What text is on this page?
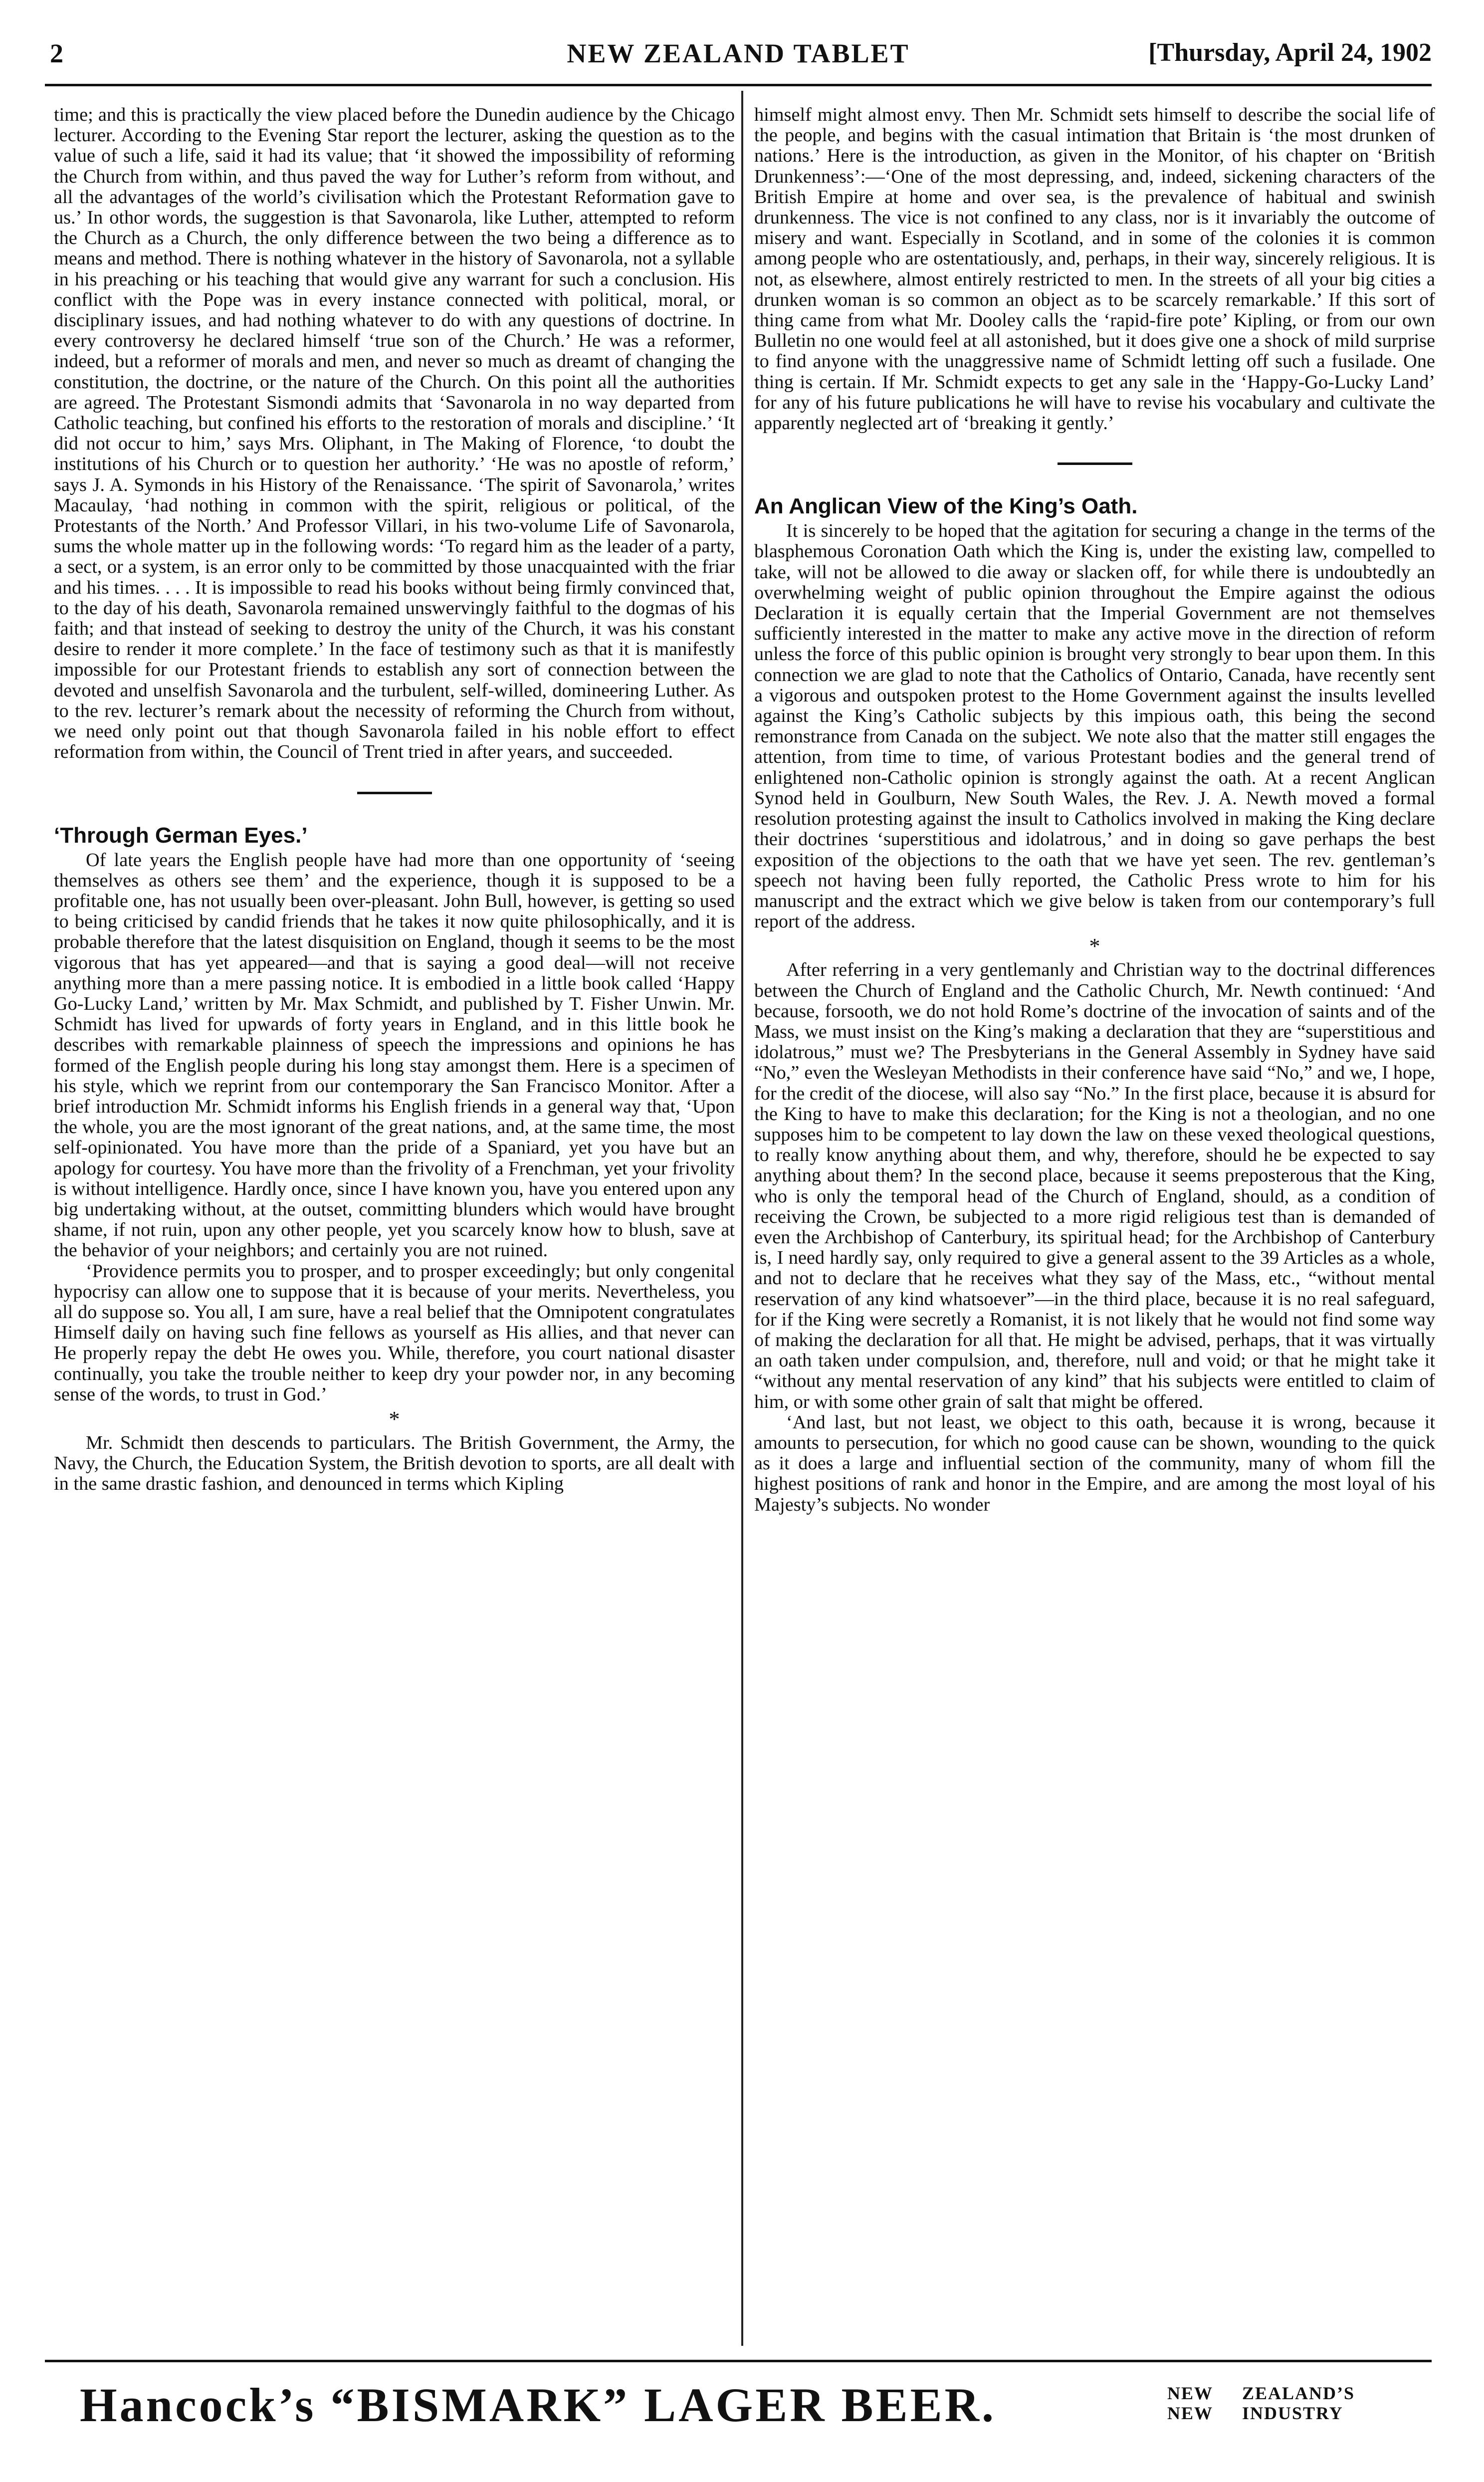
2	NEW ZEALAND TABLET	[Thursday, April 24, 1902

time; and this is practically the view placed before the Dunedin audience by the Chicago lecturer. According to the Evening Star report the lecturer, asking the question as to the value of such a life, said it had its value; that ‘it showed the impossibility of reforming the Church from within, and thus paved the way for Luther’s reform from without, and all the advantages of the world’s civilisation which the Protestant Reformation gave to us.’ In othor words, the suggestion is that Savonarola, like Luther, attempted to reform the Church as a Church, the only difference between the two being a difference as to means and method. There is nothing whatever in the history of Savonarola, not a syllable in his preaching or his teaching that would give any warrant for such a conclusion. His conflict with the Pope was in every instance connected with political, moral, or disciplinary issues, and had nothing whatever to do with any questions of doctrine. In every controversy he declared himself ‘true son of the Church.’ He was a reformer, indeed, but a reformer of morals and men, and never so much as dreamt of changing the constitution, the doctrine, or the nature of the Church. On this point all the authorities are agreed. The Protestant Sismondi admits that ‘Savonarola in no way departed from Catholic teaching, but confined his efforts to the restoration of morals and discipline.’ ‘It did not occur to him,’ says Mrs. Oliphant, in The Making of Florence, ‘to doubt the institutions of his Church or to question her authority.’ ‘He was no apostle of reform,’ says J. A. Symonds in his History of the Renaissance. ‘The spirit of Savonarola,’ writes Macaulay, ‘had nothing in common with the spirit, religious or political, of the Protestants of the North.’ And Professor Villari, in his two-volume Life of Savonarola, sums the whole matter up in the following words: ‘To regard him as the leader of a party, a sect, or a system, is an error only to be committed by those unacquainted with the friar and his times. . . . It is impossible to read his books without being firmly convinced that, to the day of his death, Savonarola remained unswervingly faithful to the dogmas of his faith; and that instead of seeking to destroy the unity of the Church, it was his constant desire to render it more complete.’ In the face of testimony such as that it is manifestly impossible for our Protestant friends to establish any sort of connection between the devoted and unselfish Savonarola and the turbulent, self-willed, domineering Luther. As to the rev. lecturer’s remark about the necessity of reforming the Church from without, we need only point out that though Savonarola failed in his noble effort to effect reformation from within, the Council of Trent tried in after years, and succeeded.

‘Through German Eyes.’

Of late years the English people have had more than one opportunity of ‘seeing themselves as others see them’ and the experience, though it is supposed to be a profitable one, has not usually been over-pleasant. John Bull, however, is getting so used to being criticised by candid friends that he takes it now quite philosophically, and it is probable therefore that the latest disquisition on England, though it seems to be the most vigorous that has yet appeared—and that is saying a good deal—will not receive anything more than a mere passing notice. It is embodied in a little book called ‘Happy Go-Lucky Land,’ written by Mr. Max Schmidt, and published by T. Fisher Unwin. Mr. Schmidt has lived for upwards of forty years in England, and in this little book he describes with remarkable plainness of speech the impressions and opinions he has formed of the English people during his long stay amongst them. Here is a specimen of his style, which we reprint from our contemporary the San Francisco Monitor. After a brief introduction Mr. Schmidt informs his English friends in a general way that, ‘Upon the whole, you are the most ignorant of the great nations, and, at the same time, the most self-opinionated. You have more than the pride of a Spaniard, yet you have but an apology for courtesy. You have more than the frivolity of a Frenchman, yet your frivolity is without intelligence. Hardly once, since I have known you, have you entered upon any big undertaking without, at the outset, committing blunders which would have brought shame, if not ruin, upon any other people, yet you scarcely know how to blush, save at the behavior of your neighbors; and certainly you are not ruined.

‘Providence permits you to prosper, and to prosper exceedingly; but only congenital hypocrisy can allow one to suppose that it is because of your merits. Nevertheless, you all do suppose so. You all, I am sure, have a real belief that the Omnipotent congratulates Himself daily on having such fine fellows as yourself as His allies, and that never can He properly repay the debt He owes you. While, therefore, you court national disaster continually, you take the trouble neither to keep dry your powder nor, in any becoming sense of the words, to trust in God.’

*

Mr. Schmidt then descends to particulars. The British Government, the Army, the Navy, the Church, the Education System, the British devotion to sports, are all dealt with in the same drastic fashion, and denounced in terms which Kipling

himself might almost envy. Then Mr. Schmidt sets himself to describe the social life of the people, and begins with the casual intimation that Britain is ‘the most drunken of nations.’ Here is the introduction, as given in the Monitor, of his chapter on ‘British Drunkenness’:—‘One of the most depressing, and, indeed, sickening characters of the British Empire at home and over sea, is the prevalence of habitual and swinish drunkenness. The vice is not confined to any class, nor is it invariably the outcome of misery and want. Especially in Scotland, and in some of the colonies it is common among people who are ostentatiously, and, perhaps, in their way, sincerely religious. It is not, as elsewhere, almost entirely restricted to men. In the streets of all your big cities a drunken woman is so common an object as to be scarcely remarkable.’ If this sort of thing came from what Mr. Dooley calls the ‘rapid-fire pote’ Kipling, or from our own Bulletin no one would feel at all astonished, but it does give one a shock of mild surprise to find anyone with the unaggressive name of Schmidt letting off such a fusilade. One thing is certain. If Mr. Schmidt expects to get any sale in the ‘Happy-Go-Lucky Land’ for any of his future publications he will have to revise his vocabulary and cultivate the apparently neglected art of ‘breaking it gently.’

An Anglican View of the King’s Oath.

It is sincerely to be hoped that the agitation for securing a change in the terms of the blasphemous Coronation Oath which the King is, under the existing law, compelled to take, will not be allowed to die away or slacken off, for while there is undoubtedly an overwhelming weight of public opinion throughout the Empire against the odious Declaration it is equally certain that the Imperial Government are not themselves sufficiently interested in the matter to make any active move in the direction of reform unless the force of this public opinion is brought very strongly to bear upon them. In this connection we are glad to note that the Catholics of Ontario, Canada, have recently sent a vigorous and outspoken protest to the Home Government against the insults levelled against the King’s Catholic subjects by this impious oath, this being the second remonstrance from Canada on the subject. We note also that the matter still engages the attention, from time to time, of various Protestant bodies and the general trend of enlightened non-Catholic opinion is strongly against the oath. At a recent Anglican Synod held in Goulburn, New South Wales, the Rev. J. A. Newth moved a formal resolution protesting against the insult to Catholics involved in making the King declare their doctrines ‘superstitious and idolatrous,’ and in doing so gave perhaps the best exposition of the objections to the oath that we have yet seen. The rev. gentleman’s speech not having been fully reported, the Catholic Press wrote to him for his manuscript and the extract which we give below is taken from our contemporary’s full report of the address.

*

After referring in a very gentlemanly and Christian way to the doctrinal differences between the Church of England and the Catholic Church, Mr. Newth continued: ‘And because, forsooth, we do not hold Rome’s doctrine of the invocation of saints and of the Mass, we must insist on the King’s making a declaration that they are “superstitious and idolatrous,” must we? The Presbyterians in the General Assembly in Sydney have said “No,” even the Wesleyan Methodists in their conference have said “No,” and we, I hope, for the credit of the diocese, will also say “No.” In the first place, because it is absurd for the King to have to make this declaration; for the King is not a theologian, and no one supposes him to be competent to lay down the law on these vexed theological questions, to really know anything about them, and why, therefore, should he be expected to say anything about them? In the second place, because it seems preposterous that the King, who is only the temporal head of the Church of England, should, as a condition of receiving the Crown, be subjected to a more rigid religious test than is demanded of even the Archbishop of Canterbury, its spiritual head; for the Archbishop of Canterbury is, I need hardly say, only required to give a general assent to the 39 Articles as a whole, and not to declare that he receives what they say of the Mass, etc., “without mental reservation of any kind whatsoever”—in the third place, because it is no real safeguard, for if the King were secretly a Romanist, it is not likely that he would not find some way of making the declaration for all that. He might be advised, perhaps, that it was virtually an oath taken under compulsion, and, therefore, null and void; or that he might take it “without any mental reservation of any kind” that his subjects were entitled to claim of him, or with some other grain of salt that might be offered.

‘And last, but not least, we object to this oath, because it is wrong, because it amounts to persecution, for which no good cause can be shown, wounding to the quick as it does a large and influential section of the community, many of whom fill the highest positions of rank and honor in the Empire, and are among the most loyal of his Majesty’s subjects. No wonder

Hancock’s “BISMARK” LAGER BEER.	NEW ZEALAND’S
NEW INDUSTRY
